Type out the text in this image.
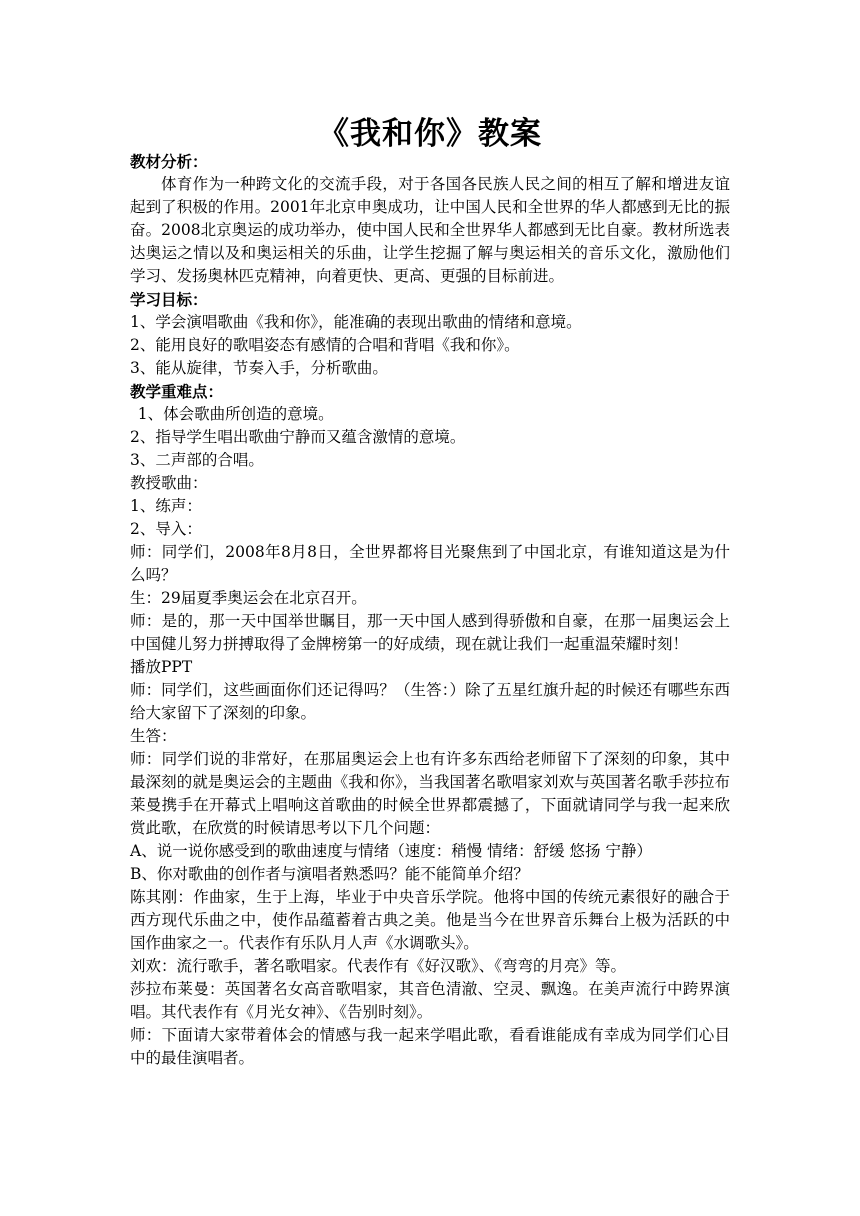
《我和你》教案

教材分析：

体育作为一种跨文化的交流手段，对于各国各民族人民之间的相互了解和增进友谊起到了积极的作用。2001年北京申奥成功，让中国人民和全世界的华人都感到无比的振奋。2008北京奥运的成功举办，使中国人民和全世界华人都感到无比自豪。教材所选表达奥运之情以及和奥运相关的乐曲，让学生挖掘了解与奥运相关的音乐文化，激励他们学习、发扬奥林匹克精神，向着更快、更高、更强的目标前进。

学习目标：

1、学会演唱歌曲《我和你》，能准确的表现出歌曲的情绪和意境。

2、能用良好的歌唱姿态有感情的合唱和背唱《我和你》。

3、能从旋律，节奏入手，分析歌曲。

教学重难点：

1、体会歌曲所创造的意境。

2、指导学生唱出歌曲宁静而又蕴含激情的意境。

3、二声部的合唱。

教授歌曲：

1、练声：

2、导入：

师：同学们，2008年8月8日，全世界都将目光聚焦到了中国北京，有谁知道这是为什么吗？

生：29届夏季奥运会在北京召开。

师：是的，那一天中国举世瞩目，那一天中国人感到得骄傲和自豪，在那一届奥运会上中国健儿努力拼搏取得了金牌榜第一的好成绩，现在就让我们一起重温荣耀时刻！

播放PPT

师：同学们，这些画面你们还记得吗？（生答：）除了五星红旗升起的时候还有哪些东西给大家留下了深刻的印象。

生答：

师：同学们说的非常好，在那届奥运会上也有许多东西给老师留下了深刻的印象，其中最深刻的就是奥运会的主题曲《我和你》，当我国著名歌唱家刘欢与英国著名歌手莎拉布莱曼携手在开幕式上唱响这首歌曲的时候全世界都震撼了，下面就请同学与我一起来欣赏此歌，在欣赏的时候请思考以下几个问题：

A、说一说你感受到的歌曲速度与情绪（速度：稍慢 情绪：舒缓 悠扬 宁静）

B、你对歌曲的创作者与演唱者熟悉吗？能不能简单介绍？

陈其刚：作曲家，生于上海，毕业于中央音乐学院。他将中国的传统元素很好的融合于西方现代乐曲之中，使作品蕴蓄着古典之美。他是当今在世界音乐舞台上极为活跃的中国作曲家之一。代表作有乐队月人声《水调歌头》。

刘欢：流行歌手，著名歌唱家。代表作有《好汉歌》、《弯弯的月亮》等。

莎拉布莱曼：英国著名女高音歌唱家，其音色清澈、空灵、飘逸。在美声流行中跨界演唱。其代表作有《月光女神》、《告别时刻》。

师：下面请大家带着体会的情感与我一起来学唱此歌，看看谁能成有幸成为同学们心目中的最佳演唱者。
